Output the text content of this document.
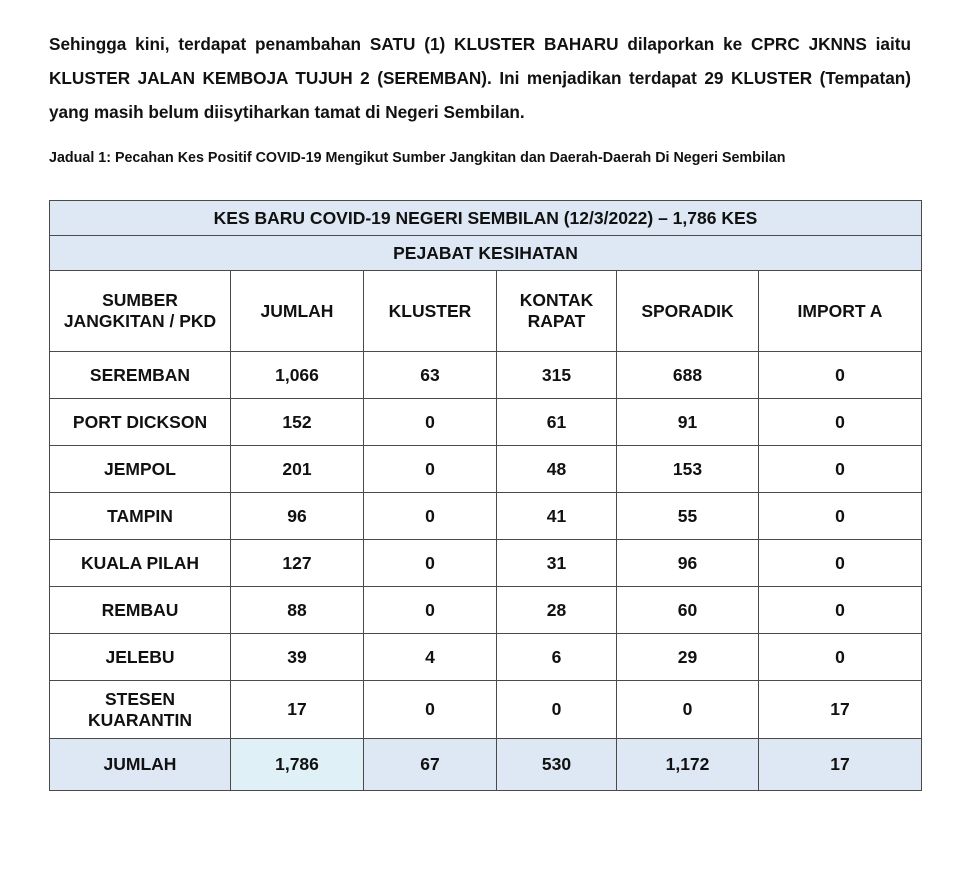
Sehingga kini, terdapat penambahan SATU (1) KLUSTER BAHARU dilaporkan ke CPRC JKNNS iaitu KLUSTER JALAN KEMBOJA TUJUH 2 (SEREMBAN). Ini menjadikan terdapat 29 KLUSTER (Tempatan) yang masih belum diisytiharkan tamat di Negeri Sembilan.
Jadual 1: Pecahan Kes Positif COVID-19 Mengikut Sumber Jangkitan dan Daerah-Daerah Di Negeri Sembilan
KES BARU COVID-19 NEGERI SEMBILAN (12/3/2022) – 1,786 KES					
PEJABAT KESIHATAN					
SUMBER JANGKITAN / PKD	JUMLAH	KLUSTER	KONTAK RAPAT	SPORADIK	IMPORT A
SEREMBAN	1,066	63	315	688	0
PORT DICKSON	152	0	61	91	0
JEMPOL	201	0	48	153	0
TAMPIN	96	0	41	55	0
KUALA PILAH	127	0	31	96	0
REMBAU	88	0	28	60	0
JELEBU	39	4	6	29	0
STESEN KUARANTIN	17	0	0	0	17
JUMLAH	1,786	67	530	1,172	17
